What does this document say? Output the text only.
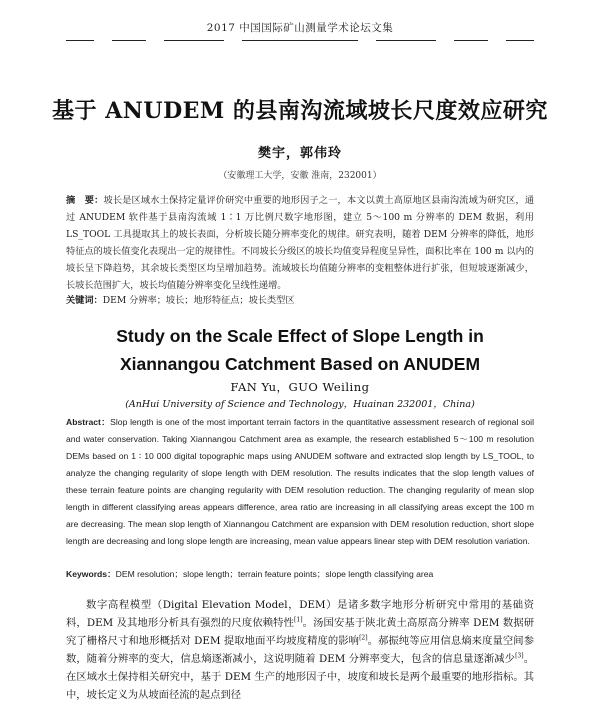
2017 中国国际矿山测量学术论坛文集
基于 ANUDEM 的县南沟流域坡长尺度效应研究
樊宇，郭伟玲
（安徽理工大学，安徽 淮南，232001）
摘　要：坡长是区域水土保持定量评价研究中重要的地形因子之一，本文以黄土高原地区县南沟流域为研究区，通过 ANUDEM 软件基于县南沟流域 1∶1 万比例尺数字地形图，建立 5～100 m 分辨率的 DEM 数据，利用 LS_TOOL 工具提取其上的坡长表面，分析坡长随分辨率变化的规律。研究表明，随着 DEM 分辨率的降低，地形特征点的坡长值变化表现出一定的规律性。不同坡长分级区的坡长均值变异程度呈异性，面积比率在 100 m 以内的坡长呈下降趋势，其余坡长类型区均呈增加趋势。流域坡长均值随分辨率的变粗整体进行扩张，但短坡逐渐减少，长坡长范围扩大，坡长均值随分辨率变化呈线性递增。
关键词：DEM 分辨率；坡长；地形特征点；坡长类型区
Study on the Scale Effect of Slope Length in
Xiannangou Catchment Based on ANUDEM
FAN Yu，GUO Weiling
(AnHui University of Science and Technology，Huainan 232001，China)
Abstract：Slop length is one of the most important terrain factors in the quantitative assessment research of regional soil and water conservation. Taking Xiannangou Catchment area as example, the research established 5～100 m resolution DEMs based on 1 ∶ 10 000 digital topographic maps using ANUDEM software and extracted slop length by LS_TOOL, to analyze the changing regularity of slope length with DEM resolution. The results indicates that the slop length values of these terrain feature points are changing regularity with DEM resolution reduction. The changing regularity of mean slop length in different classifying areas appears difference, area ratio are increasing in all classifying areas except the 100 m are decreasing. The mean slop length of Xiannangou Catchment are expansion with DEM resolution reduction, short slope length are decreasing and long slope length are increasing, mean value appears linear step with DEM resolution variation.
Keywords：DEM resolution；slope length；terrain feature points；slope length classifying area
数字高程模型（Digital Elevation Model，DEM）是诸多数字地形分析研究中常用的基础资料，DEM 及其地形分析具有强烈的尺度依赖特性[1]。汤国安基于陕北黄土高原高分辨率 DEM 数据研究了栅格尺寸和地形概括对 DEM 提取地面平均坡度精度的影响[2]。郝振纯等应用信息熵来度量空间参数，随着分辨率的变大，信息熵逐渐减小，这说明随着 DEM 分辨率变大，包含的信息量逐渐减少[3]。在区域水土保持相关研究中，基于 DEM 生产的地形因子中，坡度和坡长是两个最重要的地形指标。其中，坡长定义为从坡面径流的起点到径
